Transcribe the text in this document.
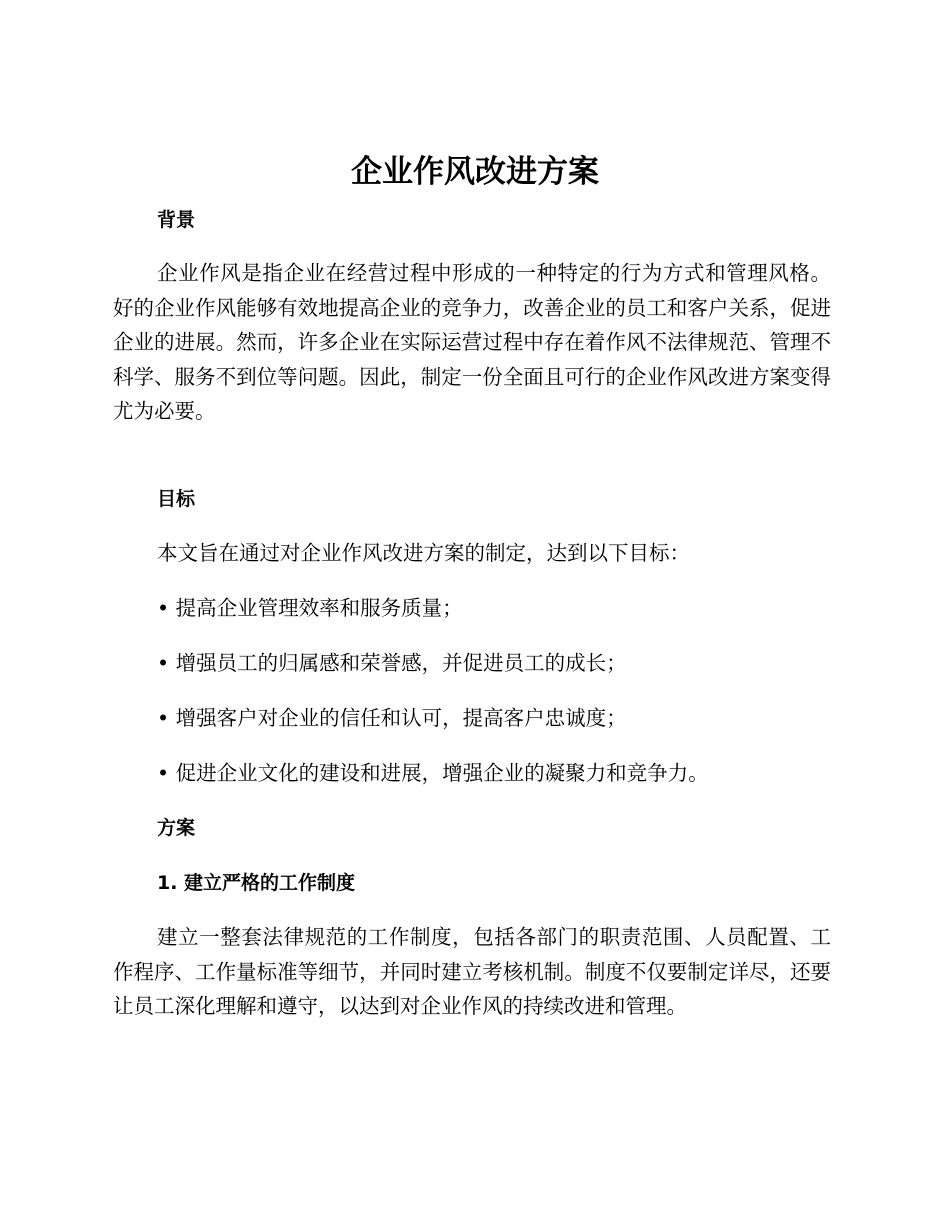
企业作风改进方案
背景

企业作风是指企业在经营过程中形成的一种特定的行为方式和管理风格。好的企业作风能够有效地提高企业的竞争力，改善企业的员工和客户关系，促进企业的进展。然而，许多企业在实际运营过程中存在着作风不法律规范、管理不科学、服务不到位等问题。因此，制定一份全面且可行的企业作风改进方案变得尤为必要。

目标

本文旨在通过对企业作风改进方案的制定，达到以下目标：

• 提高企业管理效率和服务质量；

• 增强员工的归属感和荣誉感，并促进员工的成长；

• 增强客户对企业的信任和认可，提高客户忠诚度；

• 促进企业文化的建设和进展，增强企业的凝聚力和竞争力。

方案
1. 建立严格的工作制度

建立一整套法律规范的工作制度，包括各部门的职责范围、人员配置、工作程序、工作量标准等细节，并同时建立考核机制。制度不仅要制定详尽，还要让员工深化理解和遵守，以达到对企业作风的持续改进和管理。
